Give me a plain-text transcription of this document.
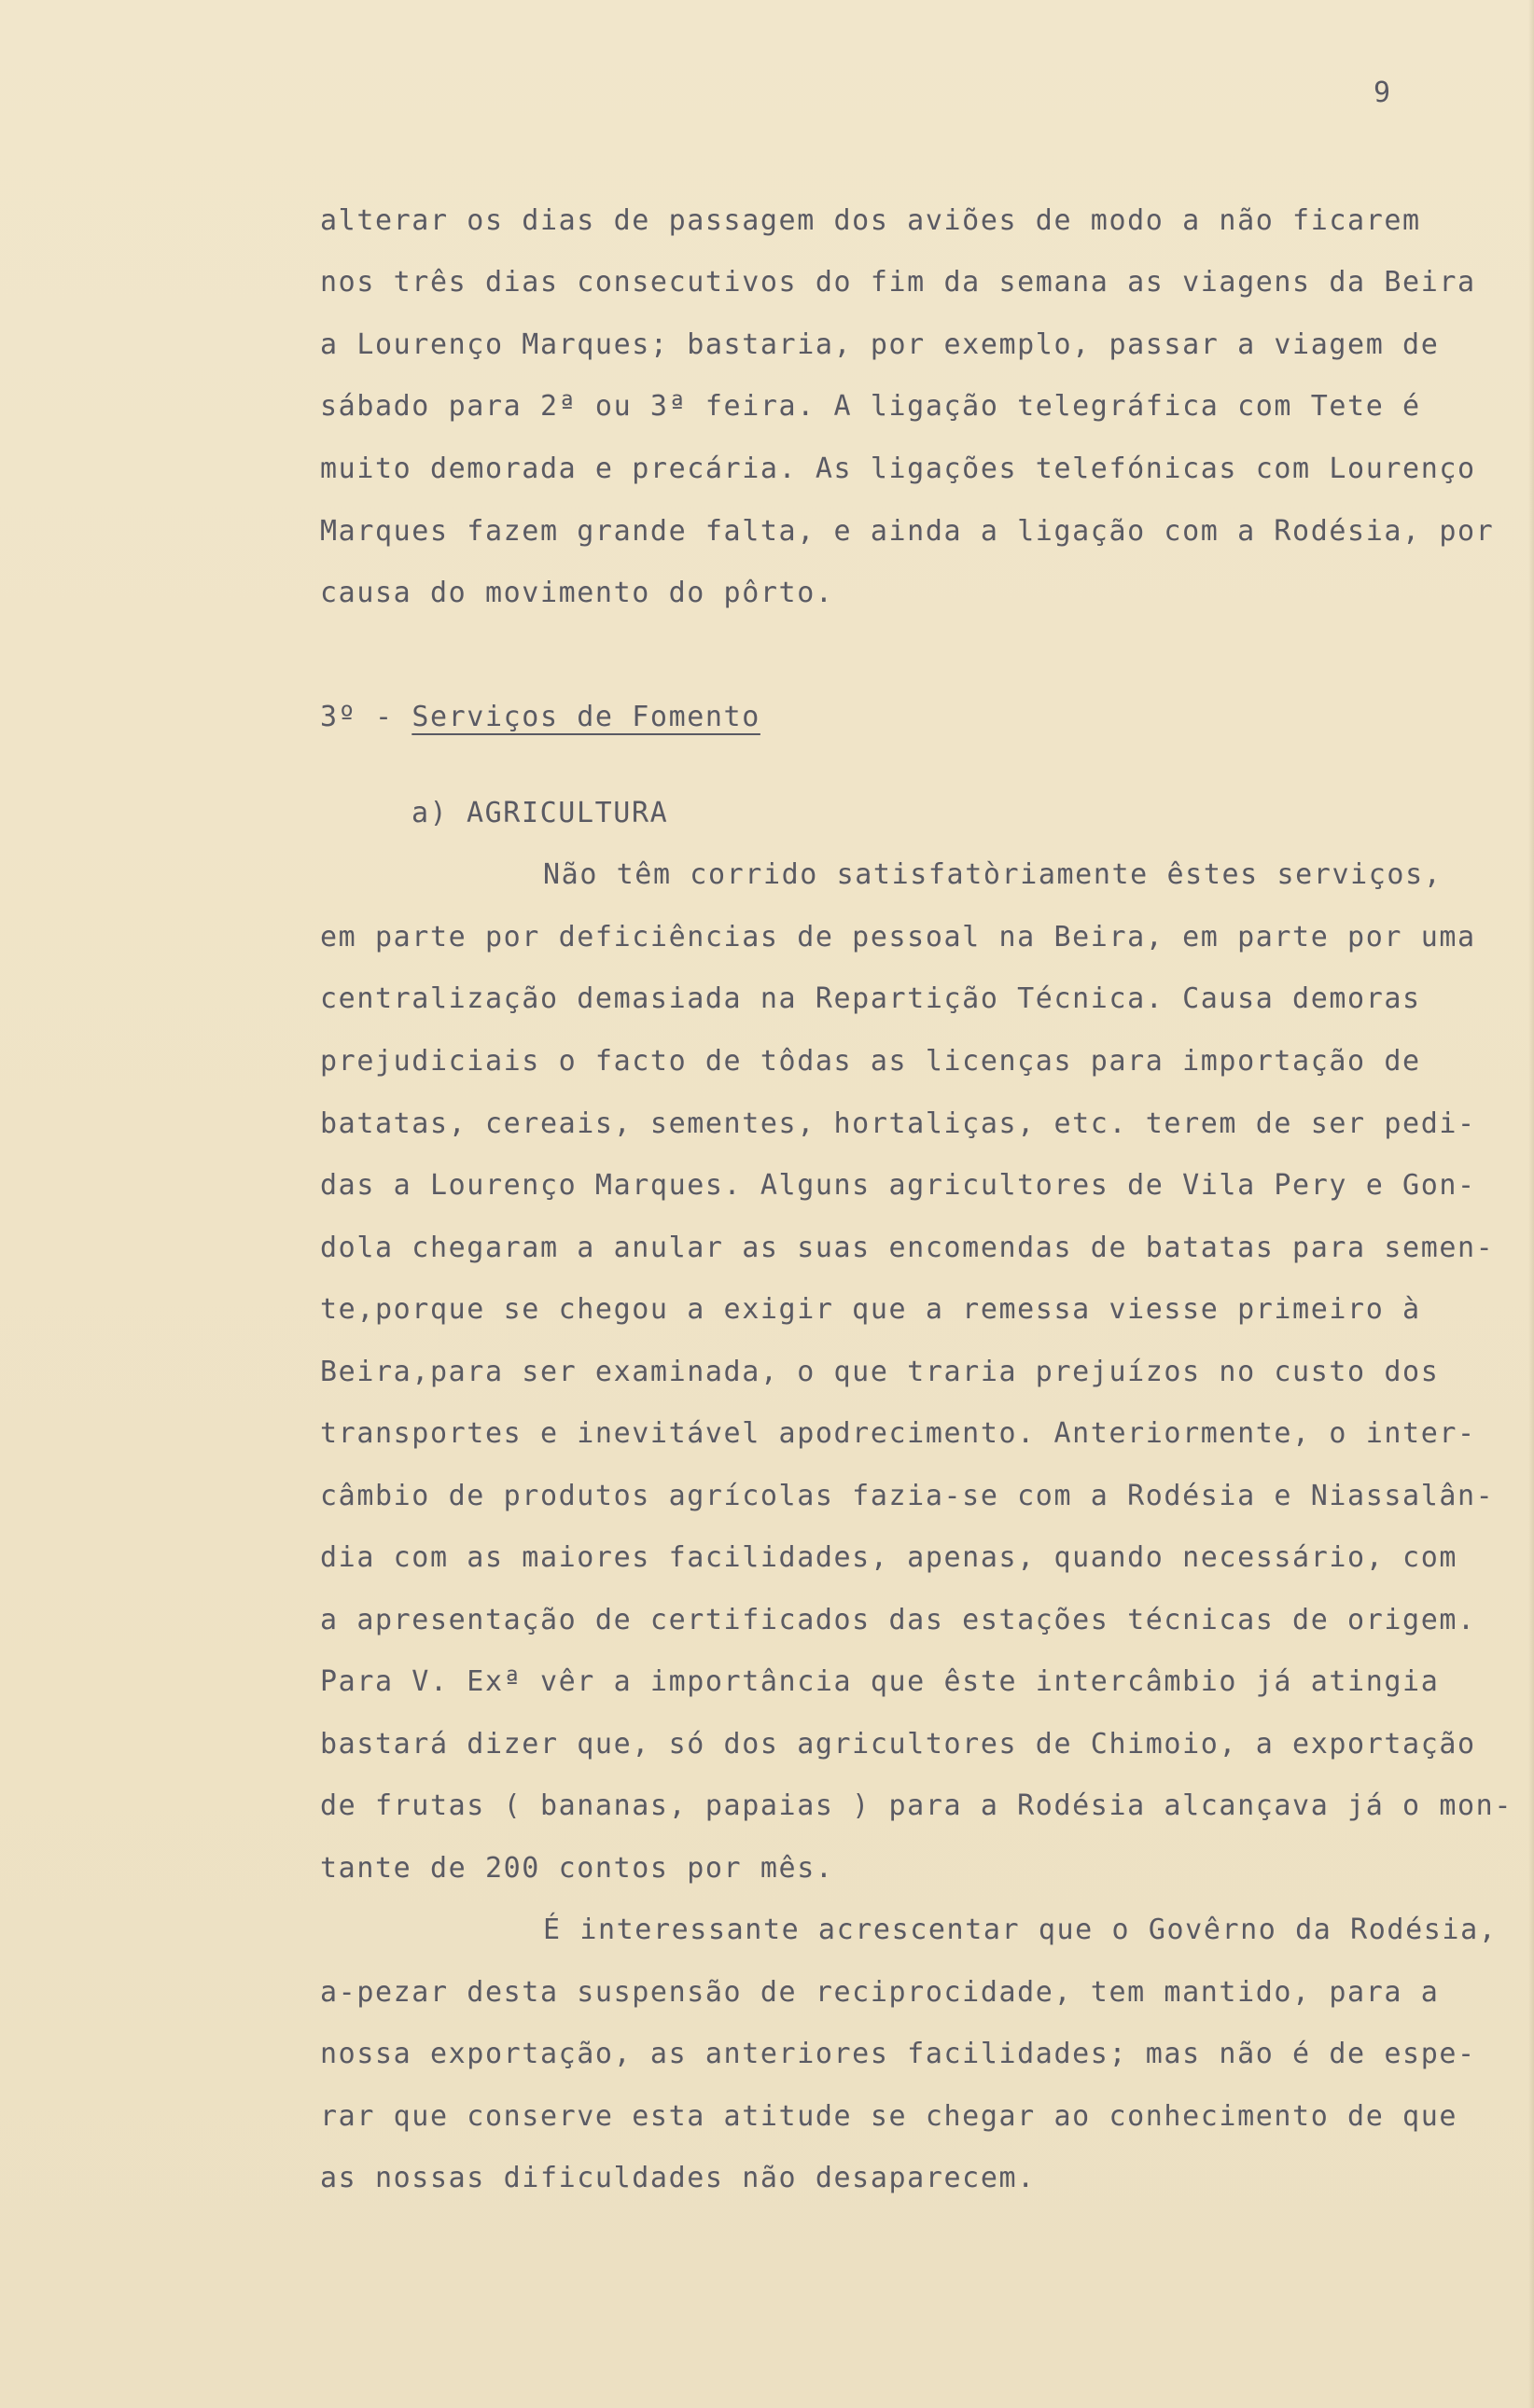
9

alterar os dias de passagem dos aviões de modo a não ficarem

nos três dias consecutivos do fim da semana as viagens da Beira

a Lourenço Marques; bastaria, por exemplo, passar a viagem de

sábado para 2ª ou 3ª feira. A ligação telegráfica com Tete é

muito demorada e precária. As ligações telefónicas com Lourenço

Marques fazem grande falta, e ainda a ligação com a Rodésia, por

causa do movimento do pôrto.

3º - Serviços de Fomento

a) AGRICULTURA

Não têm corrido satisfatòriamente êstes serviços,

em parte por deficiências de pessoal na Beira, em parte por uma

centralização demasiada na Repartição Técnica. Causa demoras

prejudiciais o facto de tôdas as licenças para importação de

batatas, cereais, sementes, hortaliças, etc. terem de ser pedi-

das a Lourenço Marques. Alguns agricultores de Vila Pery e Gon-

dola chegaram a anular as suas encomendas de batatas para semen-

te,porque se chegou a exigir que a remessa viesse primeiro à

Beira,para ser examinada, o que traria prejuízos no custo dos

transportes e inevitável apodrecimento. Anteriormente, o inter-

câmbio de produtos agrícolas fazia-se com a Rodésia e Niassalân-

dia com as maiores facilidades, apenas, quando necessário, com

a apresentação de certificados das estações técnicas de origem.

Para V. Exª vêr a importância que êste intercâmbio já atingia

bastará dizer que, só dos agricultores de Chimoio, a exportação

de frutas ( bananas, papaias ) para a Rodésia alcançava já o mon-

tante de 200 contos por mês.

É interessante acrescentar que o Govêrno da Rodésia,

a-pezar desta suspensão de reciprocidade, tem mantido, para a

nossa exportação, as anteriores facilidades; mas não é de espe-

rar que conserve esta atitude se chegar ao conhecimento de que

as nossas dificuldades não desaparecem.
